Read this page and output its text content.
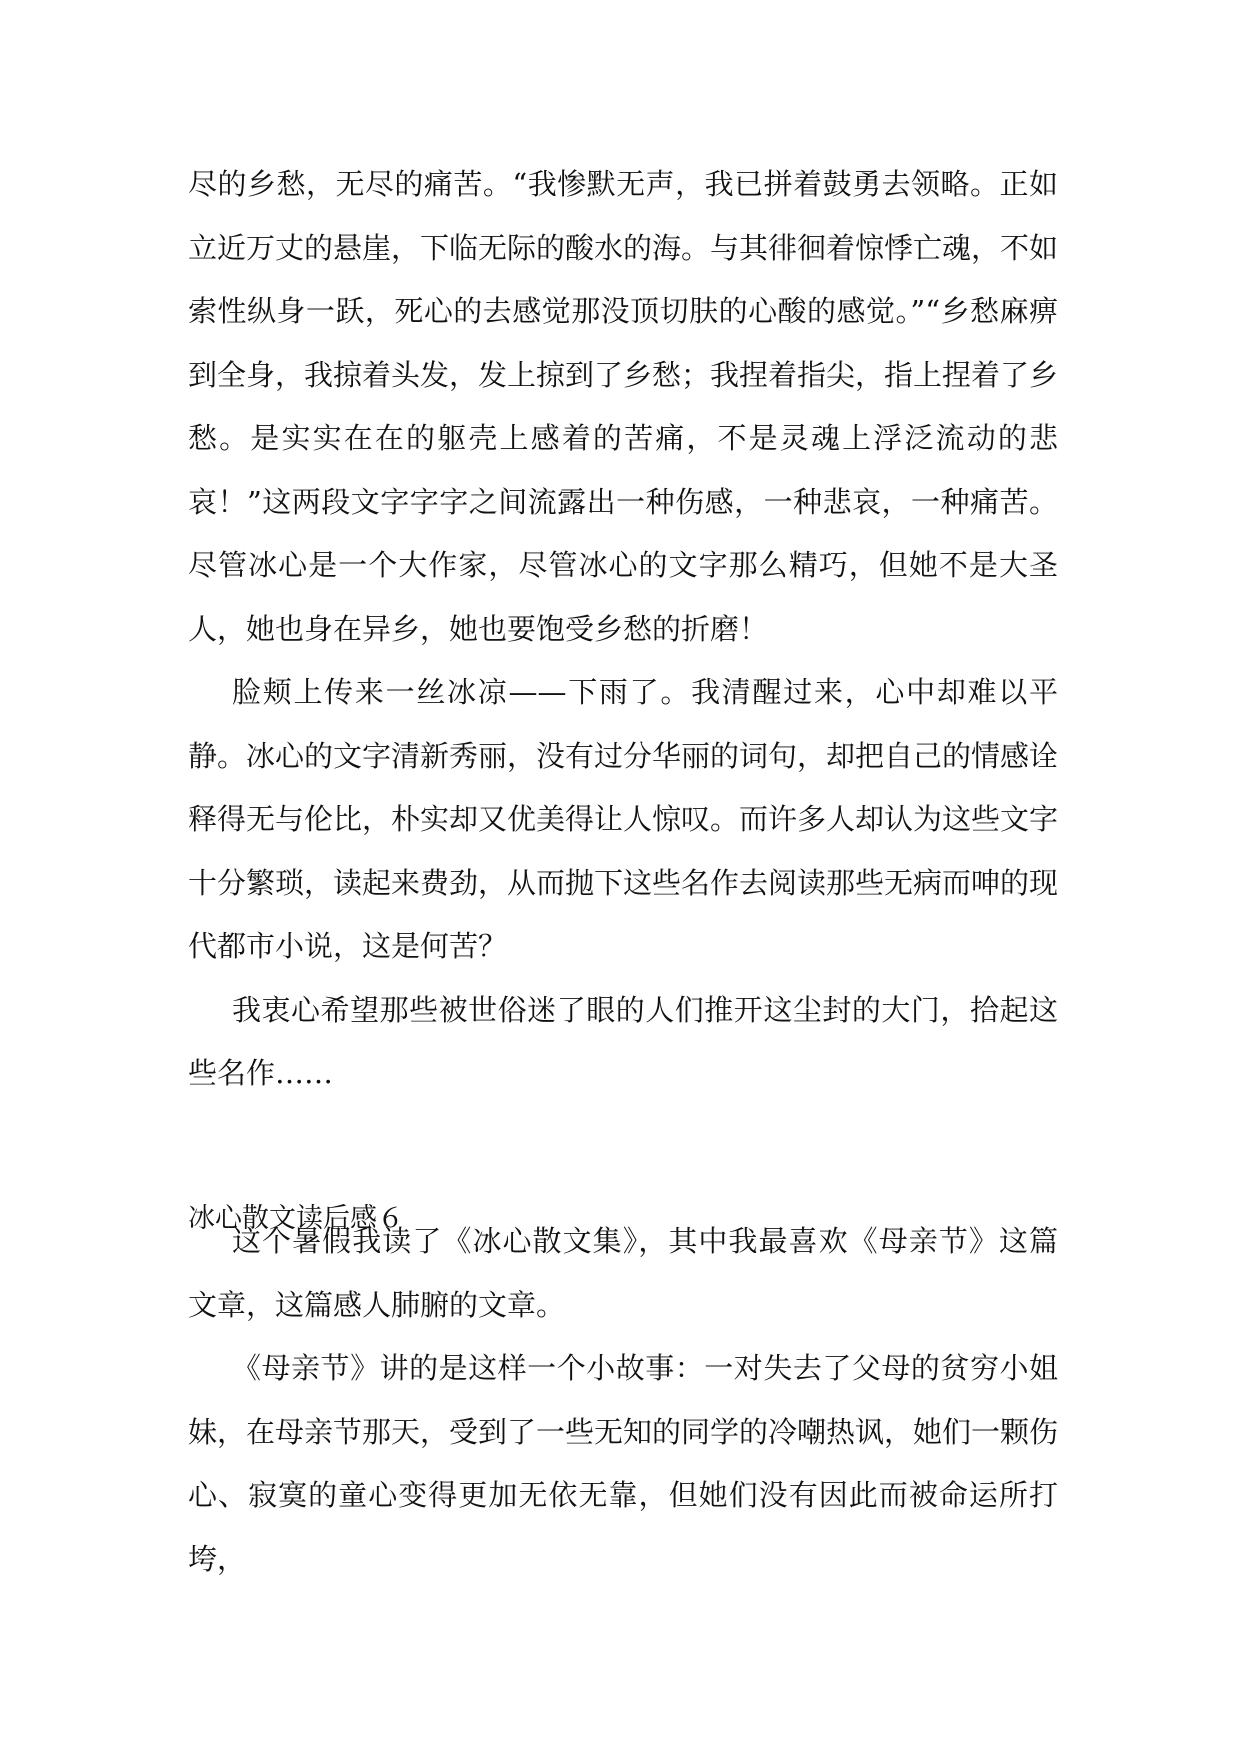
尽的乡愁，无尽的痛苦。“我惨默无声，我已拼着鼓勇去领略。正如立近万丈的悬崖，下临无际的酸水的海。与其徘徊着惊悸亡魂，不如索性纵身一跃，死心的去感觉那没顶切肤的心酸的感觉。”“乡愁麻痹到全身，我掠着头发，发上掠到了乡愁；我捏着指尖，指上捏着了乡愁。是实实在在的躯壳上感着的苦痛，不是灵魂上浮泛流动的悲哀！”这两段文字字字之间流露出一种伤感，一种悲哀，一种痛苦。尽管冰心是一个大作家，尽管冰心的文字那么精巧，但她不是大圣人，她也身在异乡，她也要饱受乡愁的折磨！

脸颊上传来一丝冰凉——下雨了。我清醒过来，心中却难以平静。冰心的文字清新秀丽，没有过分华丽的词句，却把自己的情感诠释得无与伦比，朴实却又优美得让人惊叹。而许多人却认为这些文字十分繁琐，读起来费劲，从而抛下这些名作去阅读那些无病而呻的现代都市小说，这是何苦？

我衷心希望那些被世俗迷了眼的人们推开这尘封的大门，拾起这些名作……

冰心散文读后感６

这个暑假我读了《冰心散文集》，其中我最喜欢《母亲节》这篇文章，这篇感人肺腑的文章。

《母亲节》讲的是这样一个小故事：一对失去了父母的贫穷小姐妹，在母亲节那天，受到了一些无知的同学的冷嘲热讽，她们一颗伤心、寂寞的童心变得更加无依无靠，但她们没有因此而被命运所打垮，
